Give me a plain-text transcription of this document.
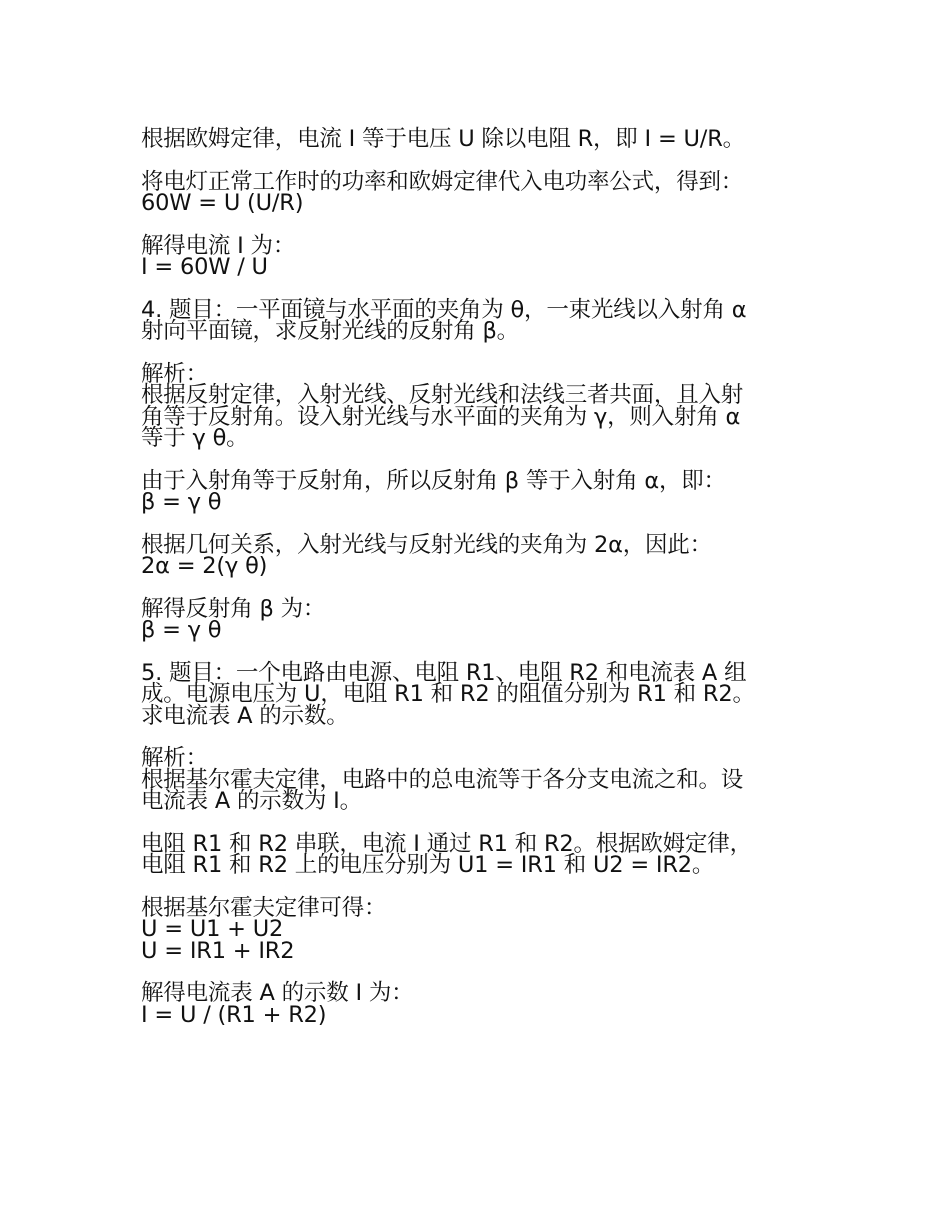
根据欧姆定律，电流 I 等于电压 U 除以电阻 R，即 I = U/R。
将电灯正常工作时的功率和欧姆定律代入电功率公式，得到：
60W = U (U/R)
解得电流 I 为：
I = 60W / U
4. 题目：一平面镜与水平面的夹角为 θ，一束光线以入射角 α
射向平面镜，求反射光线的反射角 β。
解析：
根据反射定律，入射光线、反射光线和法线三者共面，且入射
角等于反射角。设入射光线与水平面的夹角为 γ，则入射角 α
等于 γ θ。
由于入射角等于反射角，所以反射角 β 等于入射角 α，即：
β = γ θ
根据几何关系，入射光线与反射光线的夹角为 2α，因此：
2α = 2(γ θ)
解得反射角 β 为：
β = γ θ
5. 题目：一个电路由电源、电阻 R1、电阻 R2 和电流表 A 组
成。电源电压为 U，电阻 R1 和 R2 的阻值分别为 R1 和 R2。
求电流表 A 的示数。
解析：
根据基尔霍夫定律，电路中的总电流等于各分支电流之和。设
电流表 A 的示数为 I。
电阻 R1 和 R2 串联，电流 I 通过 R1 和 R2。根据欧姆定律，
电阻 R1 和 R2 上的电压分别为 U1 = IR1 和 U2 = IR2。
根据基尔霍夫定律可得：
U = U1 + U2
U = IR1 + IR2
解得电流表 A 的示数 I 为：
I = U / (R1 + R2)
